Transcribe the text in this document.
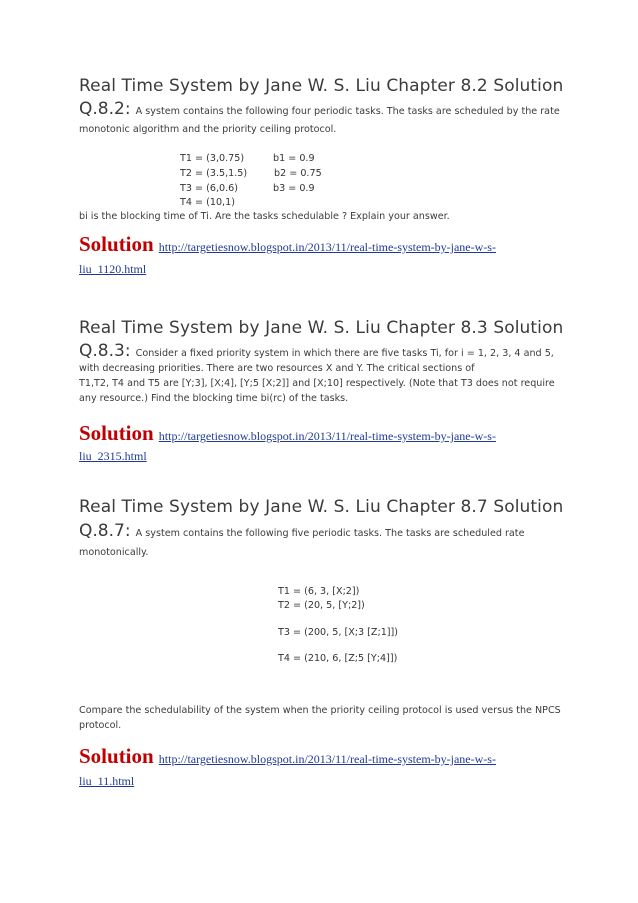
Real Time System by Jane W. S. Liu Chapter 8.2 Solution
Q.8.2: A system contains the following four periodic tasks. The tasks are scheduled by the rate
monotonic algorithm and the priority ceiling protocol.
T1 = (3,0.75)
T2 = (3.5,1.5)
T3 = (6,0.6)
T4 = (10,1)
b1 = 0.9
b2 = 0.75
b3 = 0.9
bi is the blocking time of Ti. Are the tasks schedulable ? Explain your answer.
Solution http://targetiesnow.blogspot.in/2013/11/real-time-system-by-jane-w-s-
liu_1120.html
Real Time System by Jane W. S. Liu Chapter 8.3 Solution
Q.8.3: Consider a fixed priority system in which there are five tasks Ti, for i = 1, 2, 3, 4 and 5,
with decreasing priorities. There are two resources X and Y. The critical sections of
T1,T2, T4 and T5 are [Y;3], [X;4], [Y;5 [X;2]] and [X;10] respectively. (Note that T3 does not require
any resource.) Find the blocking time bi(rc) of the tasks.
Solution http://targetiesnow.blogspot.in/2013/11/real-time-system-by-jane-w-s-
liu_2315.html
Real Time System by Jane W. S. Liu Chapter 8.7 Solution
Q.8.7: A system contains the following five periodic tasks. The tasks are scheduled rate
monotonically.
T1 = (6, 3, [X;2])
T2 = (20, 5, [Y;2])
T3 = (200, 5, [X;3 [Z;1]])
T4 = (210, 6, [Z;5 [Y;4]])
Compare the schedulability of the system when the priority ceiling protocol is used versus the NPCS
protocol.
Solution http://targetiesnow.blogspot.in/2013/11/real-time-system-by-jane-w-s-
liu_11.html
